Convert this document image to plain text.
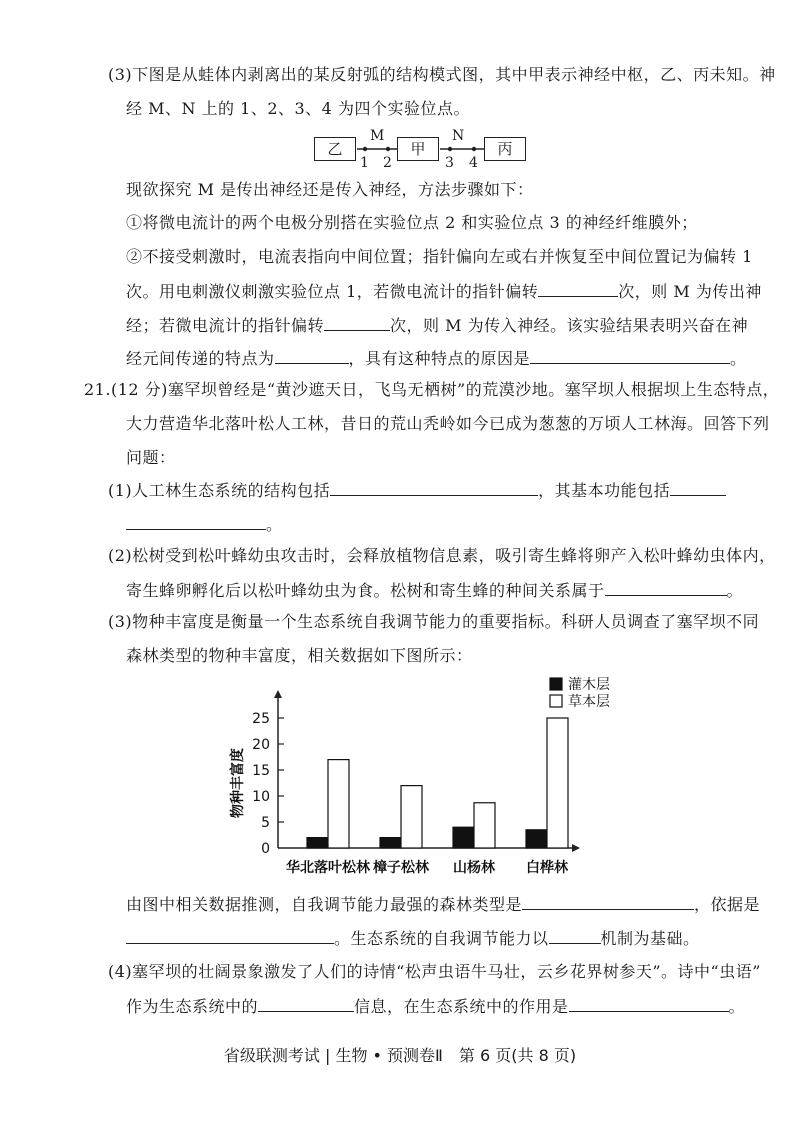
(3)下图是从蛙体内剥离出的某反射弧的结构模式图，其中甲表示神经中枢，乙、丙未知。神
经 M、N 上的 1、2、3、4 为四个实验位点。
乙	甲	丙
M	N
1 2	3 4
现欲探究 M 是传出神经还是传入神经，方法步骤如下：
①将微电流计的两个电极分别搭在实验位点 2 和实验位点 3 的神经纤维膜外；
②不接受刺激时，电流表指向中间位置；指针偏向左或右并恢复至中间位置记为偏转 1
次。用电刺激仪刺激实验位点 1，若微电流计的指针偏转	次，则 M 为传出神
经；若微电流计的指针偏转	次，则 M 为传入神经。该实验结果表明兴奋在神
经元间传递的特点为	，具有这种特点的原因是	。
21.(12 分)塞罕坝曾经是“黄沙遮天日，飞鸟无栖树”的荒漠沙地。塞罕坝人根据坝上生态特点，
大力营造华北落叶松人工林，昔日的荒山秃岭如今已成为葱葱的万顷人工林海。回答下列
问题：
(1)人工林生态系统的结构包括	，其基本功能包括
。
(2)松树受到松叶蜂幼虫攻击时，会释放植物信息素，吸引寄生蜂将卵产入松叶蜂幼虫体内，
寄生蜂卵孵化后以松叶蜂幼虫为食。松树和寄生蜂的种间关系属于	。
(3)物种丰富度是衡量一个生态系统自我调节能力的重要指标。科研人员调查了塞罕坝不同
森林类型的物种丰富度，相关数据如下图所示：
0
5
10
15
20
25
物种丰富度
华北落叶松林 樟子松林 山杨林 白桦林
灌木层
草本层
由图中相关数据推测，自我调节能力最强的森林类型是	，依据是
。生态系统的自我调节能力以	机制为基础。
(4)塞罕坝的壮阔景象激发了人们的诗情“松声虫语牛马壮，云乡花界树参天”。诗中“虫语”
作为生态系统中的	信息，在生态系统中的作用是	。
省级联测考试 | 生物 • 预测卷Ⅱ　第 6 页(共 8 页)
